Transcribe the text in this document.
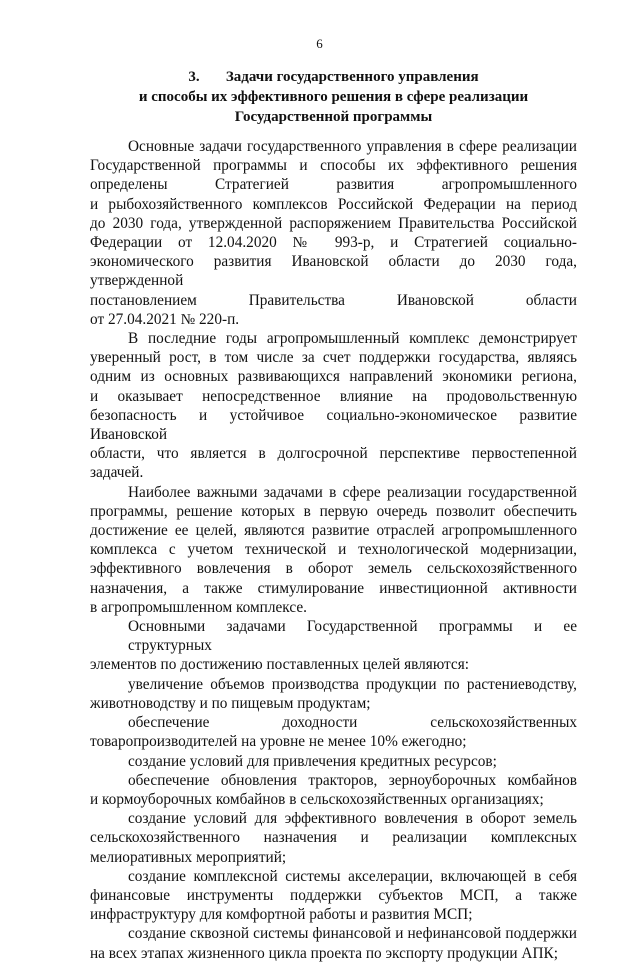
6
3.       Задачи государственного управления
и способы их эффективного решения в сфере реализации
Государственной программы
Основные задачи государственного управления в сфере реализации
Государственной программы и способы их эффективного решения
определены Стратегией развития агропромышленного
и рыбохозяйственного комплексов Российской Федерации на период
до 2030 года, утвержденной распоряжением Правительства Российской
Федерации от 12.04.2020 № 993-р, и Стратегией социально-
экономического развития Ивановской области до 2030 года, утвержденной
постановлением Правительства Ивановской области
от 27.04.2021 № 220-п.
В последние годы агропромышленный комплекс демонстрирует
уверенный рост, в том числе за счет поддержки государства, являясь
одним из основных развивающихся направлений экономики региона,
и оказывает непосредственное влияние на продовольственную
безопасность и устойчивое социально-экономическое развитие Ивановской
области, что является в долгосрочной перспективе первостепенной
задачей.
Наиболее важными задачами в сфере реализации государственной
программы, решение которых в первую очередь позволит обеспечить
достижение ее целей, являются развитие отраслей агропромышленного
комплекса с учетом технической и технологической модернизации,
эффективного вовлечения в оборот земель сельскохозяйственного
назначения, а также стимулирование инвестиционной активности
в агропромышленном комплексе.
Основными задачами Государственной программы и ее структурных
элементов по достижению поставленных целей являются:
увеличение объемов производства продукции по растениеводству,
животноводству и по пищевым продуктам;
обеспечение доходности сельскохозяйственных
товаропроизводителей на уровне не менее 10% ежегодно;
создание условий для привлечения кредитных ресурсов;
обеспечение обновления тракторов, зерноуборочных комбайнов
и кормоуборочных комбайнов в сельскохозяйственных организациях;
создание условий для эффективного вовлечения в оборот земель
сельскохозяйственного назначения и реализации комплексных
мелиоративных мероприятий;
создание комплексной системы акселерации, включающей в себя
финансовые инструменты поддержки субъектов МСП, а также
инфраструктуру для комфортной работы и развития МСП;
создание сквозной системы финансовой и нефинансовой поддержки
на всех этапах жизненного цикла проекта по экспорту продукции АПК;
